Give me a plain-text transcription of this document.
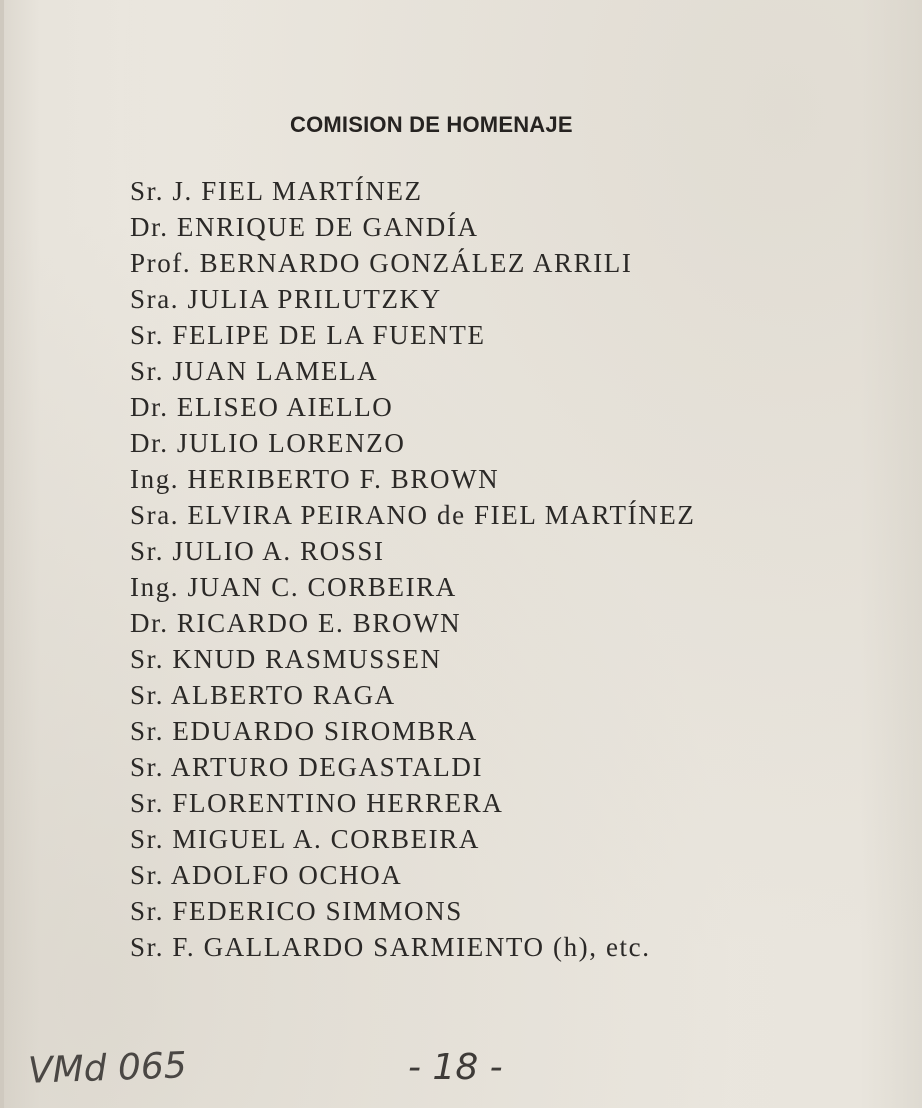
COMISION DE HOMENAJE
Sr. J. FIEL MARTÍNEZ
Dr. ENRIQUE DE GANDÍA
Prof. BERNARDO GONZÁLEZ ARRILI
Sra. JULIA PRILUTZKY
Sr. FELIPE DE LA FUENTE
Sr. JUAN LAMELA
Dr. ELISEO AIELLO
Dr. JULIO LORENZO
Ing. HERIBERTO F. BROWN
Sra. ELVIRA PEIRANO de FIEL MARTÍNEZ
Sr. JULIO A. ROSSI
Ing. JUAN C. CORBEIRA
Dr. RICARDO E. BROWN
Sr. KNUD RASMUSSEN
Sr. ALBERTO RAGA
Sr. EDUARDO SIROMBRA
Sr. ARTURO DEGASTALDI
Sr. FLORENTINO HERRERA
Sr. MIGUEL A. CORBEIRA
Sr. ADOLFO OCHOA
Sr. FEDERICO SIMMONS
Sr. F. GALLARDO SARMIENTO (h), etc.
VMd 065	- 18 -
